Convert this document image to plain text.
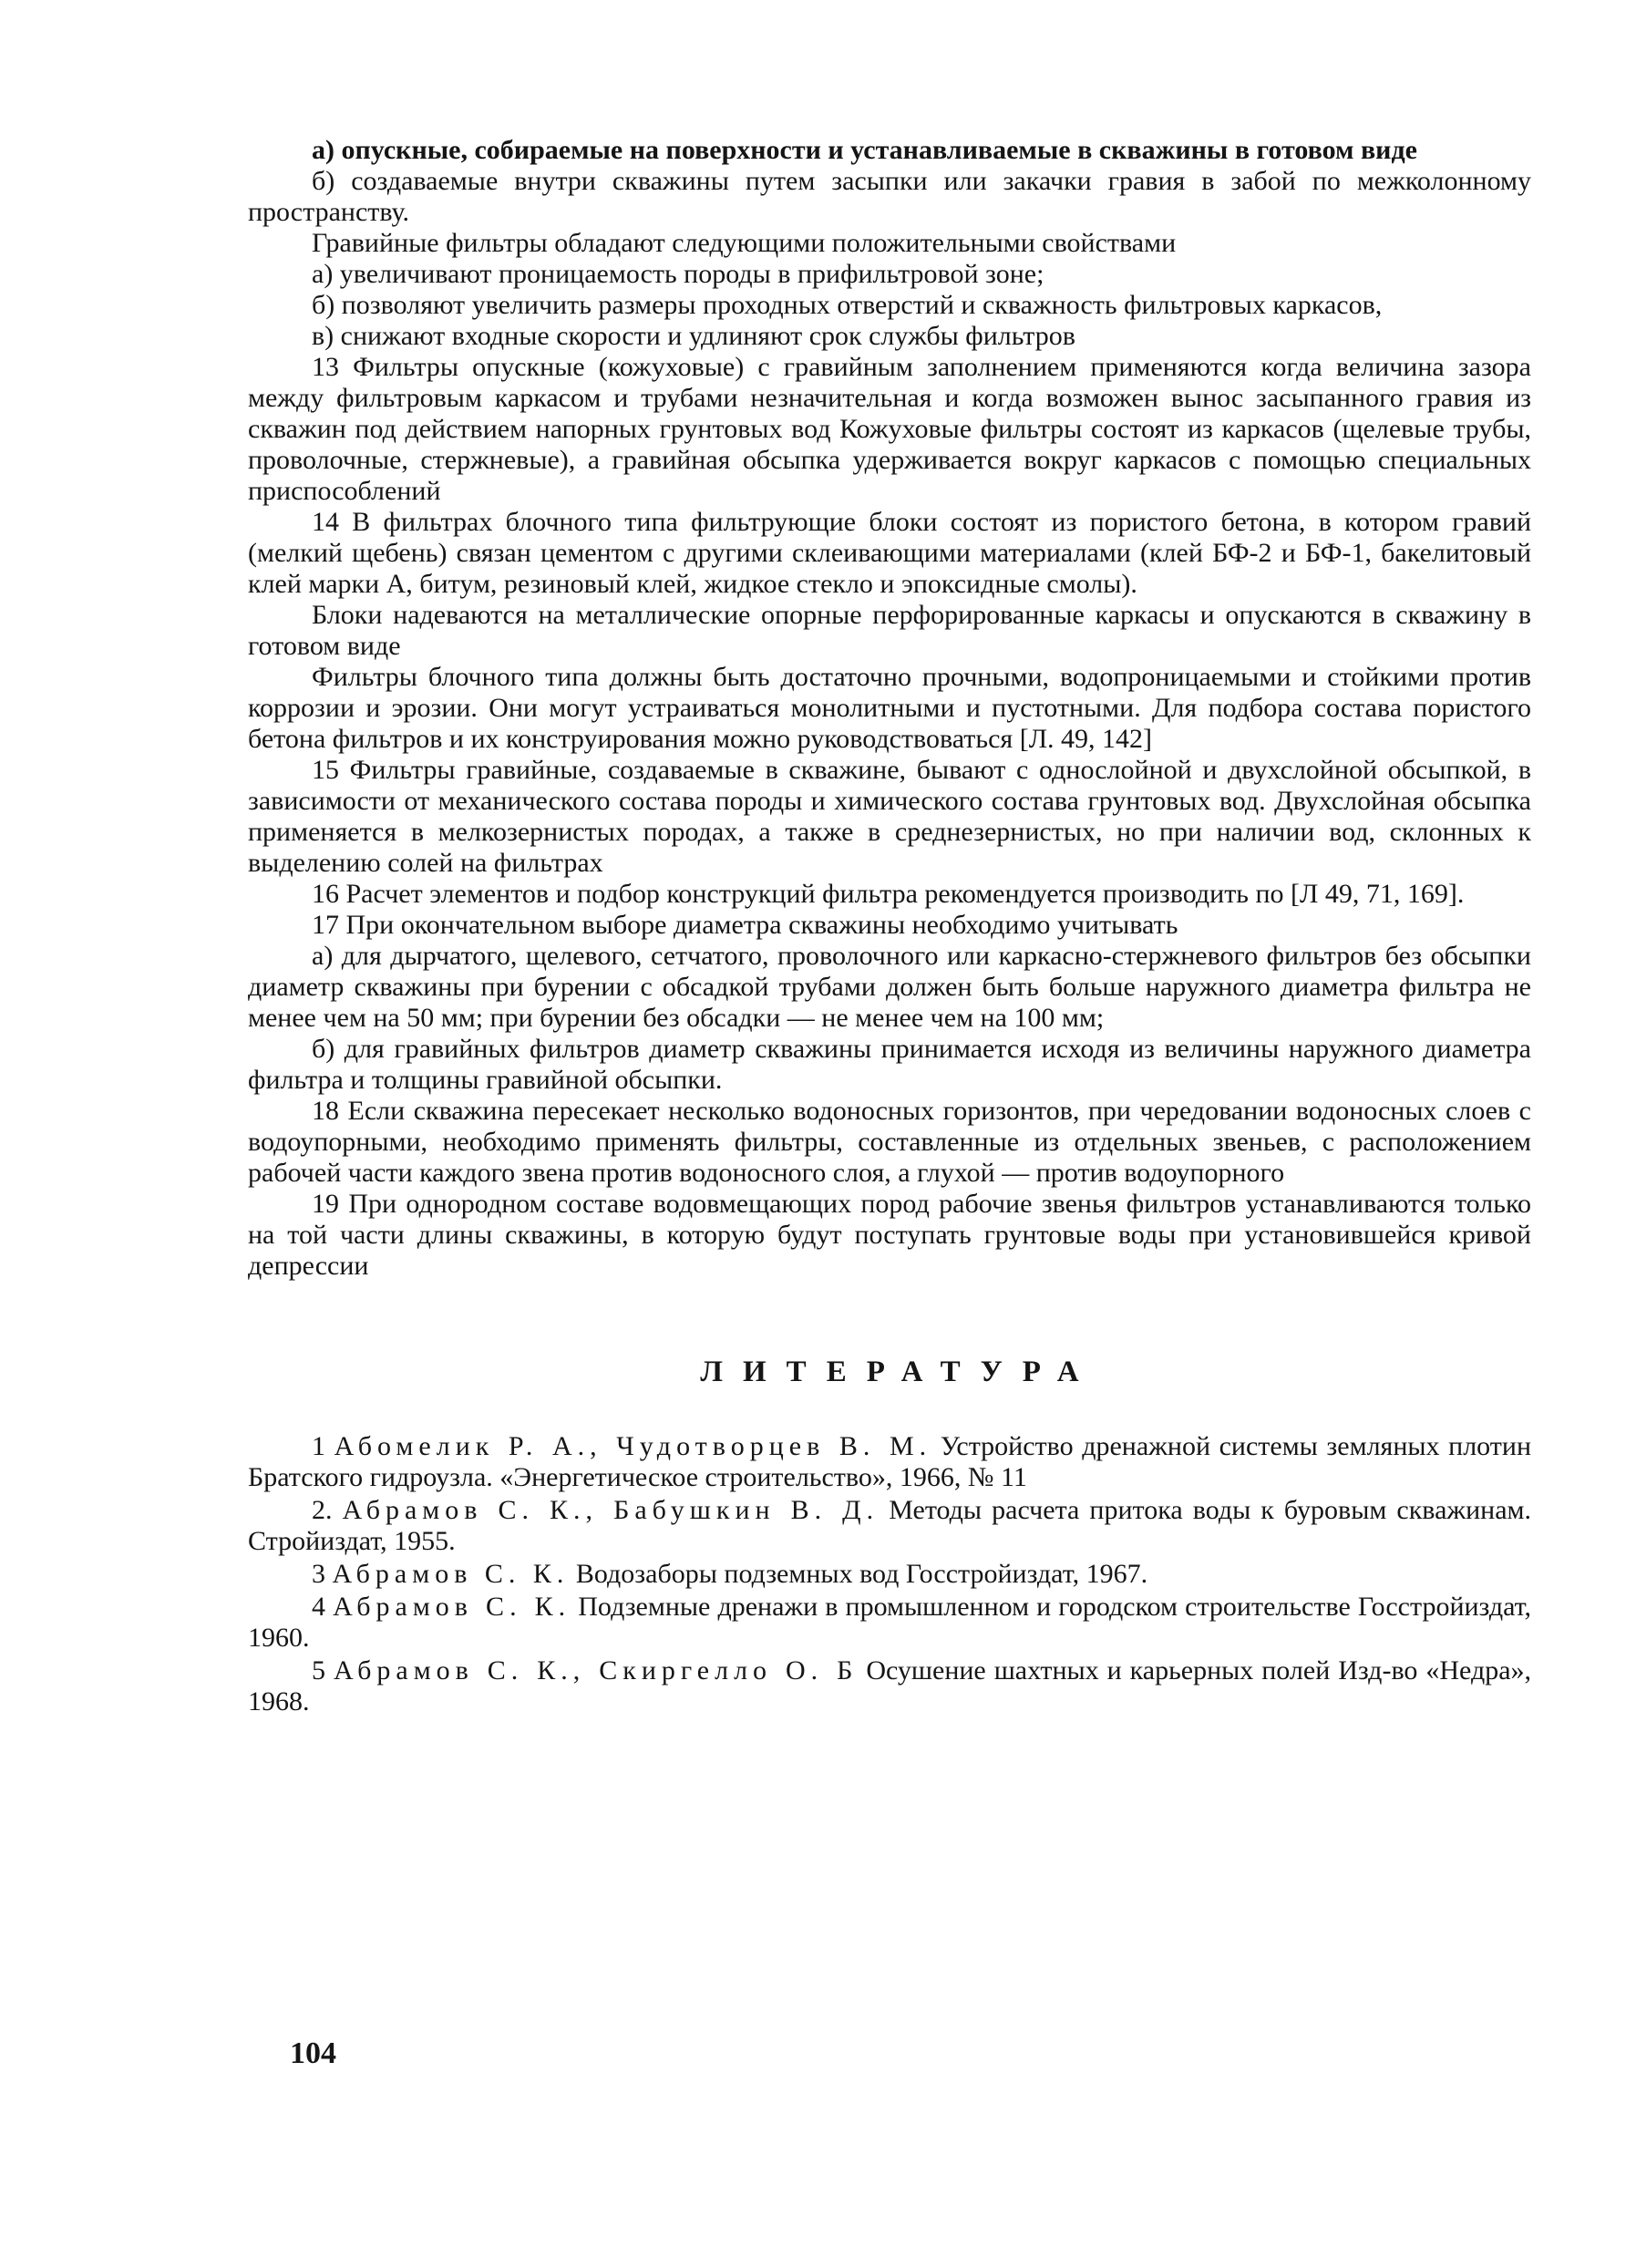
а) опускные, собираемые на поверхности и устанавливаемые в скважины в готовом виде

б) создаваемые внутри скважины путем засыпки или закачки гравия в забой по межколонному пространству.

Гравийные фильтры обладают следующими положительными свойствами

а) увеличивают проницаемость породы в прифильтровой зоне;

б) позволяют увеличить размеры проходных отверстий и скважность фильтровых каркасов,

в) снижают входные скорости и удлиняют срок службы фильтров

13 Фильтры опускные (кожуховые) с гравийным заполнением применяются когда величина зазора между фильтровым каркасом и трубами незначительная и когда возможен вынос засыпанного гравия из скважин под действием напорных грунтовых вод Кожуховые фильтры состоят из каркасов (щелевые трубы, проволочные, стержневые), а гравийная обсыпка удерживается вокруг каркасов с помощью специальных приспособлений

14 В фильтрах блочного типа фильтрующие блоки состоят из пористого бетона, в котором гравий (мелкий щебень) связан цементом с другими склеивающими материалами (клей БФ-2 и БФ-1, бакелитовый клей марки А, битум, резиновый клей, жидкое стекло и эпоксидные смолы).

Блоки надеваются на металлические опорные перфорированные каркасы и опускаются в скважину в готовом виде

Фильтры блочного типа должны быть достаточно прочными, водопроницаемыми и стойкими против коррозии и эрозии. Они могут устраиваться монолитными и пустотными. Для подбора состава пористого бетона фильтров и их конструирования можно руководствоваться [Л. 49, 142]

15 Фильтры гравийные, создаваемые в скважине, бывают с однослойной и двухслойной обсыпкой, в зависимости от механического состава породы и химического состава грунтовых вод. Двухслойная обсыпка применяется в мелкозернистых породах, а также в среднезернистых, но при наличии вод, склонных к выделению солей на фильтрах

16 Расчет элементов и подбор конструкций фильтра рекомендуется производить по [Л 49, 71, 169].

17 При окончательном выборе диаметра скважины необходимо учитывать

а) для дырчатого, щелевого, сетчатого, проволочного или каркасно-стержневого фильтров без обсыпки диаметр скважины при бурении с обсадкой трубами должен быть больше наружного диаметра фильтра не менее чем на 50 мм; при бурении без обсадки — не менее чем на 100 мм;

б) для гравийных фильтров диаметр скважины принимается исходя из величины наружного диаметра фильтра и толщины гравийной обсыпки.

18 Если скважина пересекает несколько водоносных горизонтов, при чередовании водоносных слоев с водоупорными, необходимо применять фильтры, составленные из отдельных звеньев, с расположением рабочей части каждого звена против водоносного слоя, а глухой — против водоупорного

19 При однородном составе водовмещающих пород рабочие звенья фильтров устанавливаются только на той части длины скважины, в которую будут поступать грунтовые воды при установившейся кривой депрессии

ЛИТЕРАТУРА

1 Абомелик Р. А., Чудотворцев В. М. Устройство дренажной системы земляных плотин Братского гидроузла. «Энергетическое строительство», 1966, № 11

2. Абрамов С. К., Бабушкин В. Д. Методы расчета притока воды к буровым скважинам. Стройиздат, 1955.

3 Абрамов С. К. Водозаборы подземных вод Госстройиздат, 1967.

4 Абрамов С. К. Подземные дренажи в промышленном и городском строительстве Госстройиздат, 1960.

5 Абрамов С. К., Скиргелло О. Б Осушение шахтных и карьерных полей Изд-во «Недра», 1968.

104
